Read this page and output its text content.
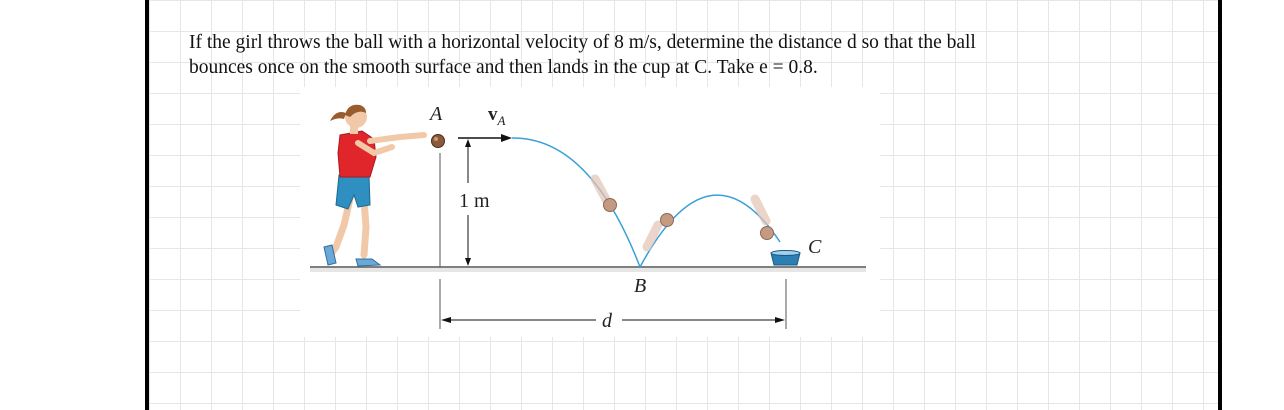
If the girl throws the ball with a horizontal velocity of 8 m/s, determine the distance d so that the ball
bounces once on the smooth surface and then lands in the cup at C. Take e = 0.8.
A $v_A$
1 m
B
C
d
